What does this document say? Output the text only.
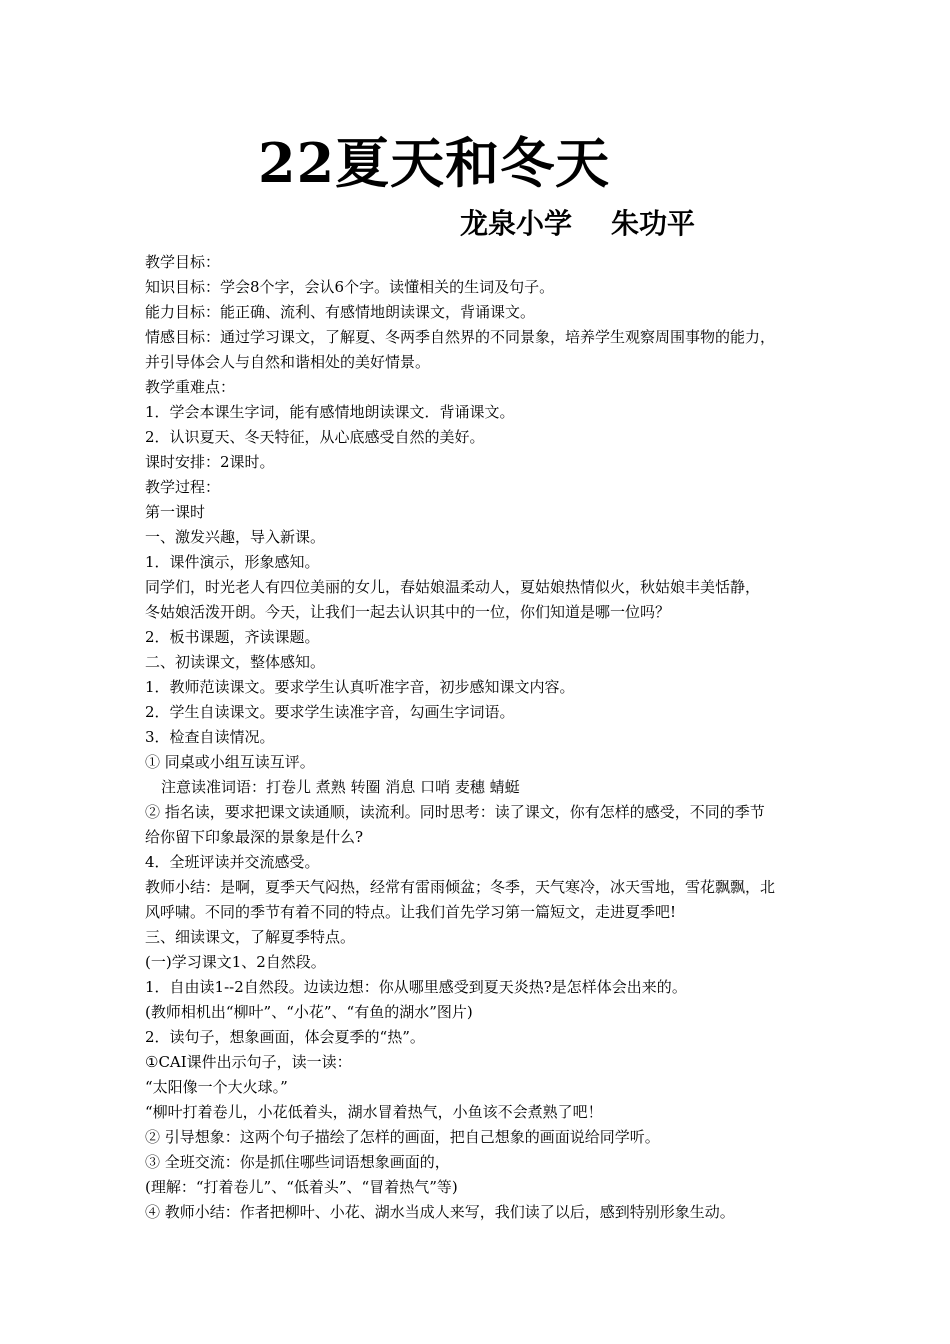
22夏天和冬天
龙泉小学    朱功平
教学目标：
知识目标：学会8个字，会认6个字。读懂相关的生词及句子。
能力目标：能正确、流利、有感情地朗读课文，背诵课文。
情感目标：通过学习课文，了解夏、冬两季自然界的不同景象，培养学生观察周围事物的能力，
并引导体会人与自然和谐相处的美好情景。
教学重难点：
1．学会本课生字词，能有感情地朗读课文．背诵课文。
2．认识夏天、冬天特征，从心底感受自然的美好。
课时安排：2课时。
教学过程：
第一课时
一、激发兴趣，导入新课。
1．课件演示，形象感知。
同学们，时光老人有四位美丽的女儿，春姑娘温柔动人，夏姑娘热情似火，秋姑娘丰美恬静，
冬姑娘活泼开朗。今天，让我们一起去认识其中的一位，你们知道是哪一位吗？
2．板书课题，齐读课题。
二、初读课文，整体感知。
1．教师范读课文。要求学生认真听准字音，初步感知课文内容。
2．学生自读课文。要求学生读准字音，勾画生字词语。
3．检查自读情况。
① 同桌或小组互读互评。
注意读准词语：打卷儿 煮熟 转圈 消息 口哨 麦穗 蜻蜓
② 指名读，要求把课文读通顺，读流利。同时思考：读了课文，你有怎样的感受，不同的季节
给你留下印象最深的景象是什么?
4．全班评读并交流感受。
教师小结：是啊，夏季天气闷热，经常有雷雨倾盆；冬季，天气寒冷，冰天雪地，雪花飘飘，北
风呼啸。不同的季节有着不同的特点。让我们首先学习第一篇短文，走进夏季吧!
三、细读课文，了解夏季特点。
(一)学习课文1、2自然段。
1．自由读1--2自然段。边读边想：你从哪里感受到夏天炎热?是怎样体会出来的。
(教师相机出“柳叶”、“小花”、“有鱼的湖水”图片)
2．读句子，想象画面，体会夏季的“热”。
①CAI课件出示句子，读一读：
“太阳像一个大火球。”
“柳叶打着卷儿，小花低着头，湖水冒着热气，小鱼该不会煮熟了吧！
② 引导想象：这两个句子描绘了怎样的画面，把自己想象的画面说给同学听。
③ 全班交流：你是抓住哪些词语想象画面的，
(理解：“打着卷儿”、“低着头”、“冒着热气”等)
④ 教师小结：作者把柳叶、小花、湖水当成人来写，我们读了以后，感到特别形象生动。
